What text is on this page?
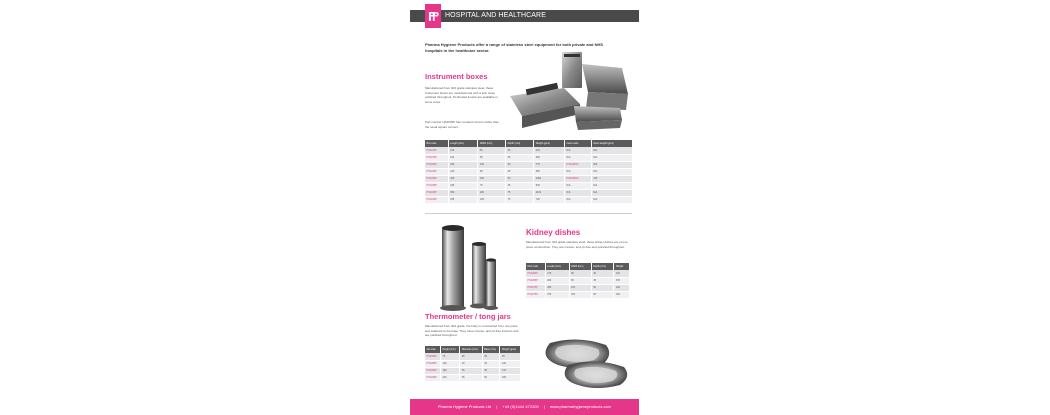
HOSPITAL AND HEALTHCARE
Pharma Hygiene Products offer a range of stainless steel equipment for both private and NHS hospitals in the healthcare sector.
Instrument boxes
Manufactured from 304 grade stainless steel, these instrument boxes are manufactured with a lock close polished throughout. Perforated inserts are available in some sizes.
Part number HS4025P has rounded corners rather than the usual square corners.
Box code	Length (mm)	Width (mm)	Depth (mm)	Weight (gms)	Insert code	Insert weight (gms)
HS4010P	150	50	35	220	N/A	N/A
HS4015P	110	50	35	285	N/A	N/A
HS4020P	200	100	50	770	HS4020SP	300
HS4025P	220	95	35	580	N/A	N/A
HS4030P	305	150	50	1060	HS4030SP	445
HS4035P	180	75	35	520	N/A	N/A
HS4040P	350	200	75	2100	N/A	N/A
HS4045P	255	125	75	725	N/A	N/A
Thermometer / tong jars
Manufactured from 304 grade, the body is constructed from one piece and soldered to the base. They have crevice- and pit-free interiors and are polished throughout.
Jar code	Height (mm)	Diameter (mm)	Base (mm)	Weight (gms)
HS4080P	75	25	35	95
HS4085P	120	30	40	120
HS4090P	180	35	45	170
HS4095P	230	35	50	205
Kidney dishes
Manufactured from 304 grade stainless steel, these kidney dishes are of one piece construction. They are crevice- and pit-free and polished throughout.
Dish code	Length (mm)	Width (mm)	Depth (mm)	Weight
HS4060P	175	80	40	100
HS4065P	200	95	45	155
HS4070P	250	120	50	220
HS4075P	275	150	55	310
Pharma Hygiene Products Ltd | +44 (0)1444 472300 | www.pharmahygieneproducts.com
